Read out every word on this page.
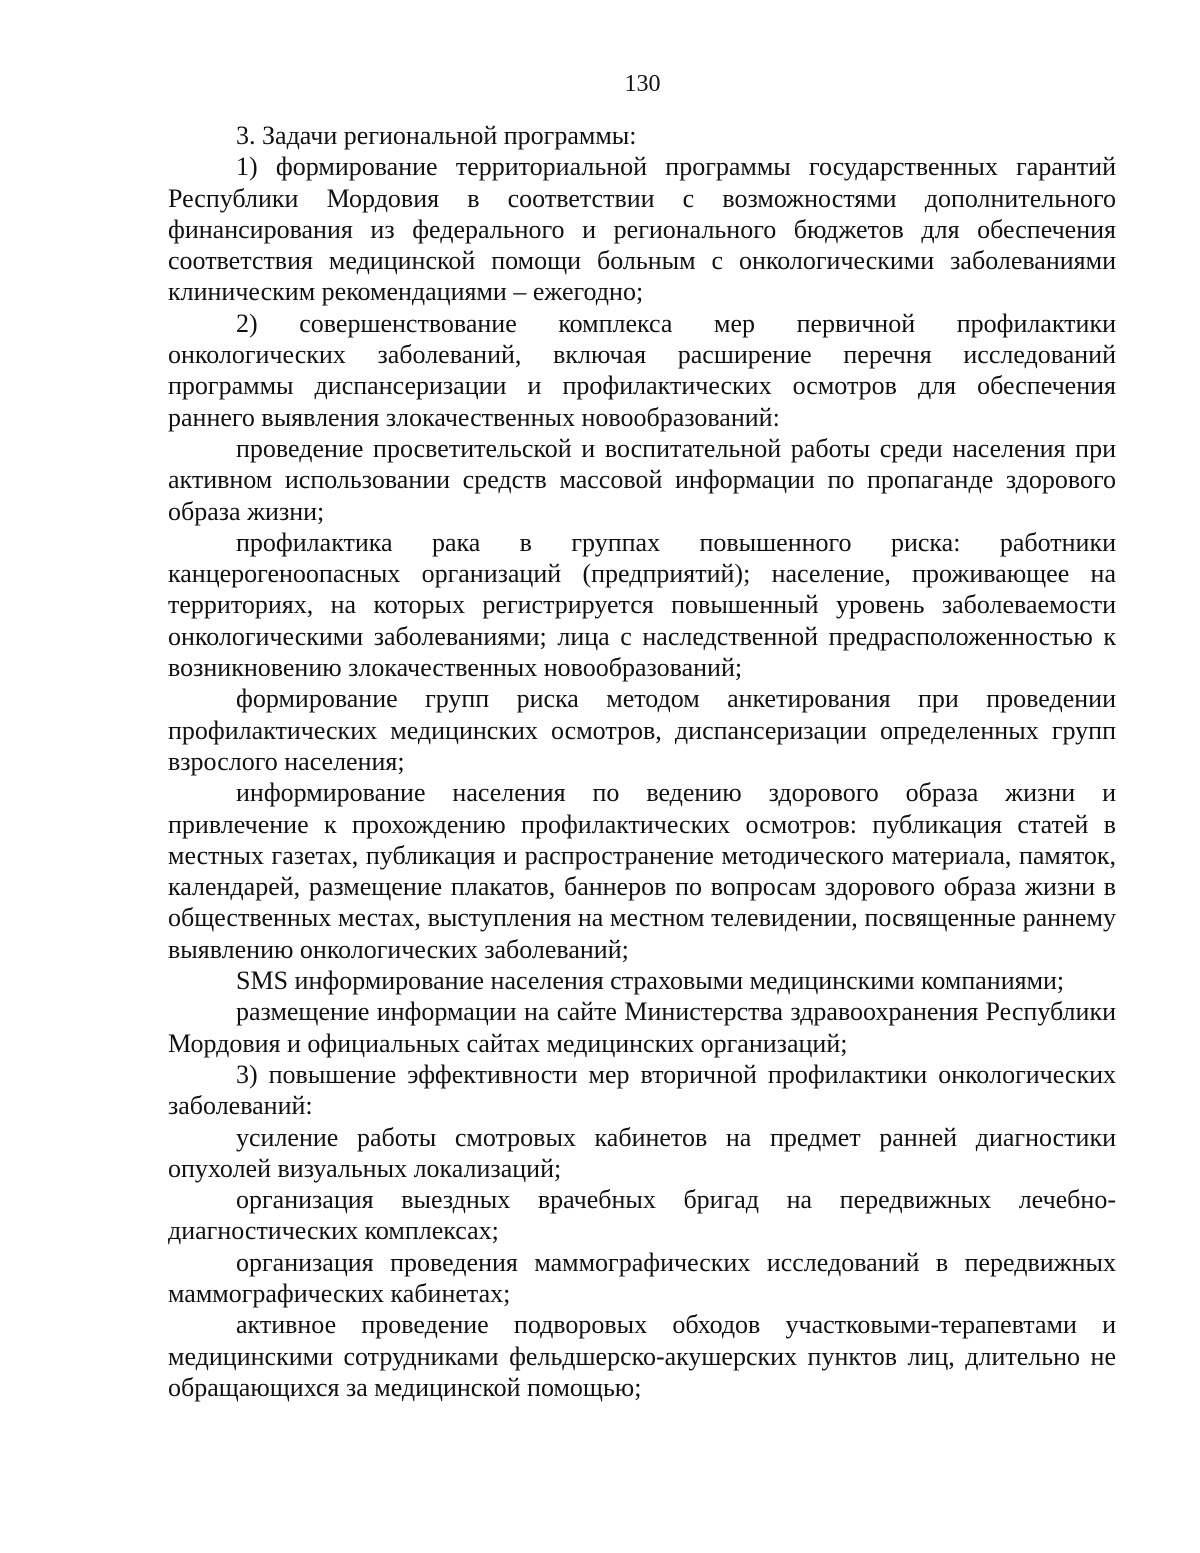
130

3. Задачи региональной программы:

1) формирование территориальной программы государственных гарантий Республики Мордовия в соответствии с возможностями дополнительного финансирования из федерального и регионального бюджетов для обеспечения соответствия медицинской помощи больным с онкологическими заболеваниями клиническим рекомендациями – ежегодно;

2) совершенствование комплекса мер первичной профилактики онкологических заболеваний, включая расширение перечня исследований программы диспансеризации и профилактических осмотров для обеспечения раннего выявления злокачественных новообразований:

проведение просветительской и воспитательной работы среди населения при активном использовании средств массовой информации по пропаганде здорового образа жизни;

профилактика рака в группах повышенного риска: работники канцерогеноопасных организаций (предприятий); население, проживающее на территориях, на которых регистрируется повышенный уровень заболеваемости онкологическими заболеваниями; лица с наследственной предрасположенностью к возникновению злокачественных новообразований;

формирование групп риска методом анкетирования при проведении профилактических медицинских осмотров, диспансеризации определенных групп взрослого населения;

информирование населения по ведению здорового образа жизни и привлечение к прохождению профилактических осмотров: публикация статей в местных газетах, публикация и распространение методического материала, памяток, календарей, размещение плакатов, баннеров по вопросам здорового образа жизни в общественных местах, выступления на местном телевидении, посвященные раннему выявлению онкологических заболеваний;

SMS информирование населения страховыми медицинскими компаниями;

размещение информации на сайте Министерства здравоохранения Республики Мордовия и официальных сайтах медицинских организаций;

3) повышение эффективности мер вторичной профилактики онкологических заболеваний:

усиление работы смотровых кабинетов на предмет ранней диагностики опухолей визуальных локализаций;

организация выездных врачебных бригад на передвижных лечебно-диагностических комплексах;

организация проведения маммографических исследований в передвижных маммографических кабинетах;

активное проведение подворовых обходов участковыми-терапевтами и медицинскими сотрудниками фельдшерско-акушерских пунктов лиц, длительно не обращающихся за медицинской помощью;
